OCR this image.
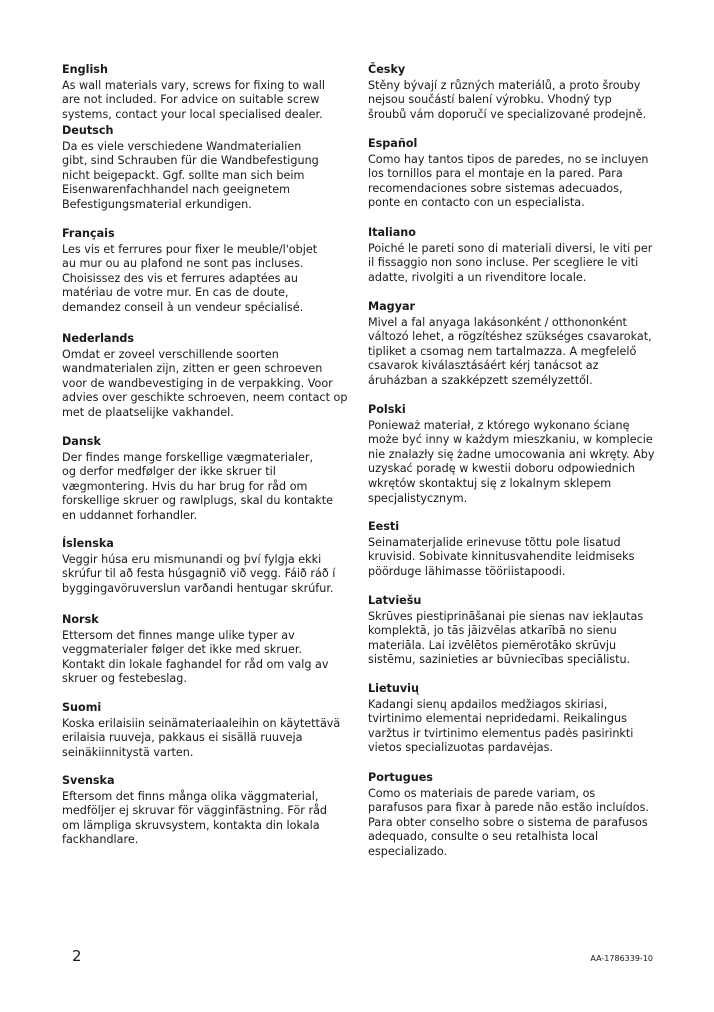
English

As wall materials vary, screws for fixing to wall
are not included. For advice on suitable screw
systems, contact your local specialised dealer.

Deutsch

Da es viele verschiedene Wandmaterialien
gibt, sind Schrauben für die Wandbefestigung
nicht beigepackt. Ggf. sollte man sich beim
Eisenwarenfachhandel nach geeignetem
Befestigungsmaterial erkundigen.

Français

Les vis et ferrures pour fixer le meuble/l'objet
au mur ou au plafond ne sont pas incluses.
Choisissez des vis et ferrures adaptées au
matériau de votre mur. En cas de doute,
demandez conseil à un vendeur spécialisé.

Nederlands

Omdat er zoveel verschillende soorten
wandmaterialen zijn, zitten er geen schroeven
voor de wandbevestiging in de verpakking. Voor
advies over geschikte schroeven, neem contact op
met de plaatselijke vakhandel.

Dansk

Der findes mange forskellige vægmaterialer,
og derfor medfølger der ikke skruer til
vægmontering. Hvis du har brug for råd om
forskellige skruer og rawlplugs, skal du kontakte
en uddannet forhandler.

Íslenska

Veggir húsa eru mismunandi og því fylgja ekki
skrúfur til að festa húsgagnið við vegg. Fáið ráð í
byggingavöruverslun varðandi hentugar skrúfur.

Norsk

Ettersom det finnes mange ulike typer av
veggmaterialer følger det ikke med skruer.
Kontakt din lokale faghandel for råd om valg av
skruer og festebeslag.

Suomi

Koska erilaisiin seinämateriaaleihin on käytettävä
erilaisia ruuveja, pakkaus ei sisällä ruuveja
seinäkiinnitystä varten.

Svenska

Eftersom det finns många olika väggmaterial,
medföljer ej skruvar för vägginfästning. För råd
om lämpliga skruvsystem, kontakta din lokala
fackhandlare.

Česky

Stěny bývají z různých materiálů, a proto šrouby
nejsou součástí balení výrobku. Vhodný typ
šroubů vám doporučí ve specializované prodejně.

Español

Como hay tantos tipos de paredes, no se incluyen
los tornillos para el montaje en la pared. Para
recomendaciones sobre sistemas adecuados,
ponte en contacto con un especialista.

Italiano

Poiché le pareti sono di materiali diversi, le viti per
il fissaggio non sono incluse. Per scegliere le viti
adatte, rivolgiti a un rivenditore locale.

Magyar

Mivel a fal anyaga lakásonként / otthononként
változó lehet, a rögzítéshez szükséges csavarokat,
tipliket a csomag nem tartalmazza. A megfelelő
csavarok kiválasztásáért kérj tanácsot az
áruházban a szakképzett személyzettől.

Polski

Ponieważ materiał, z którego wykonano ścianę
może być inny w każdym mieszkaniu, w komplecie
nie znalazły się żadne umocowania ani wkręty. Aby
uzyskać poradę w kwestii doboru odpowiednich
wkrętów skontaktuj się z lokalnym sklepem
specjalistycznym.

Eesti

Seinamaterjalide erinevuse tõttu pole lisatud
kruvisid. Sobivate kinnitusvahendite leidmiseks
pöörduge lähimasse tööriistapoodi.

Latviešu

Skrūves piestiprināšanai pie sienas nav iekļautas
komplektā, jo tās jāizvēlas atkarībā no sienu
materiāla. Lai izvēlētos piemērotāko skrūvju
sistēmu, sazinieties ar būvniecības speciālistu.

Lietuvių

Kadangi sienų apdailos medžiagos skiriasi,
tvirtinimo elementai nepridedami. Reikalingus
varžtus ir tvirtinimo elementus padės pasirinkti
vietos specializuotas pardavėjas.

Portugues

Como os materiais de parede variam, os
parafusos para fixar à parede não estão incluídos.
Para obter conselho sobre o sistema de parafusos
adequado, consulte o seu retalhista local
especializado.

2	AA-1786339-10
